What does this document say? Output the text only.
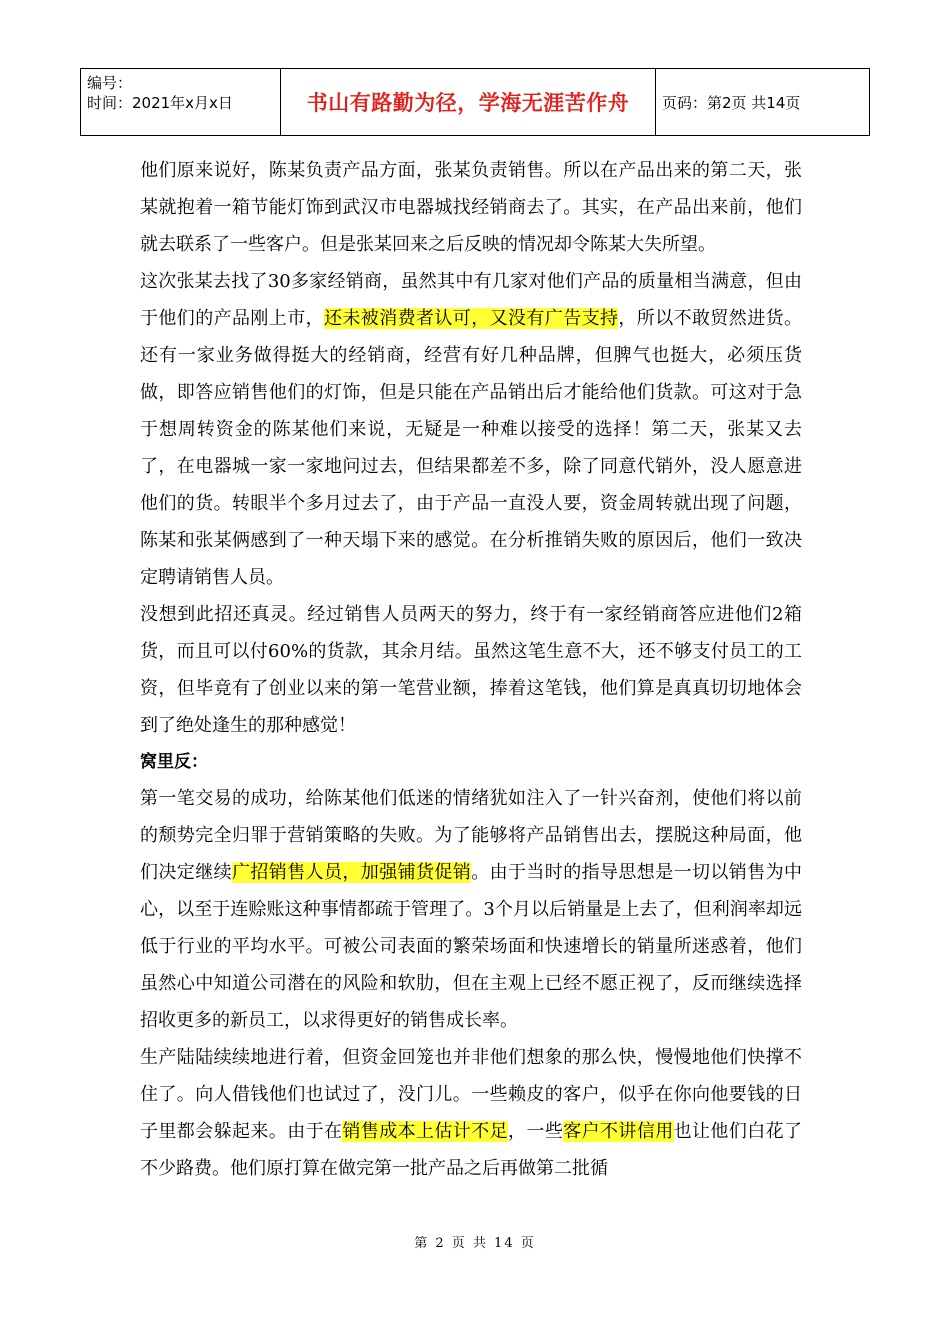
编号：
时间：2021年x月x日	书山有路勤为径，学海无涯苦作舟	页码：第2页 共14页

他们原来说好，陈某负责产品方面，张某负责销售。所以在产品出来的第二天，张某就抱着一箱节能灯饰到武汉市电器城找经销商去了。其实，在产品出来前，他们就去联系了一些客户。但是张某回来之后反映的情况却令陈某大失所望。

这次张某去找了30多家经销商，虽然其中有几家对他们产品的质量相当满意，但由于他们的产品刚上市，还未被消费者认可，又没有广告支持，所以不敢贸然进货。还有一家业务做得挺大的经销商，经营有好几种品牌，但脾气也挺大，必须压货做，即答应销售他们的灯饰，但是只能在产品销出后才能给他们货款。可这对于急于想周转资金的陈某他们来说，无疑是一种难以接受的选择！第二天，张某又去了，在电器城一家一家地问过去，但结果都差不多，除了同意代销外，没人愿意进他们的货。转眼半个多月过去了，由于产品一直没人要，资金周转就出现了问题，陈某和张某俩感到了一种天塌下来的感觉。在分析推销失败的原因后，他们一致决定聘请销售人员。

没想到此招还真灵。经过销售人员两天的努力，终于有一家经销商答应进他们2箱货，而且可以付60%的货款，其余月结。虽然这笔生意不大，还不够支付员工的工资，但毕竟有了创业以来的第一笔营业额，捧着这笔钱，他们算是真真切切地体会到了绝处逢生的那种感觉！

窝里反：

第一笔交易的成功，给陈某他们低迷的情绪犹如注入了一针兴奋剂，使他们将以前的颓势完全归罪于营销策略的失败。为了能够将产品销售出去，摆脱这种局面，他们决定继续广招销售人员，加强铺货促销。由于当时的指导思想是一切以销售为中心，以至于连赊账这种事情都疏于管理了。3个月以后销量是上去了，但利润率却远低于行业的平均水平。可被公司表面的繁荣场面和快速增长的销量所迷惑着，他们虽然心中知道公司潜在的风险和软肋，但在主观上已经不愿正视了，反而继续选择招收更多的新员工，以求得更好的销售成长率。

生产陆陆续续地进行着，但资金回笼也并非他们想象的那么快，慢慢地他们快撑不住了。向人借钱他们也试过了，没门儿。一些赖皮的客户，似乎在你向他要钱的日子里都会躲起来。由于在销售成本上估计不足，一些客户不讲信用也让他们白花了不少路费。他们原打算在做完第一批产品之后再做第二批循

第 2 页 共 14 页
